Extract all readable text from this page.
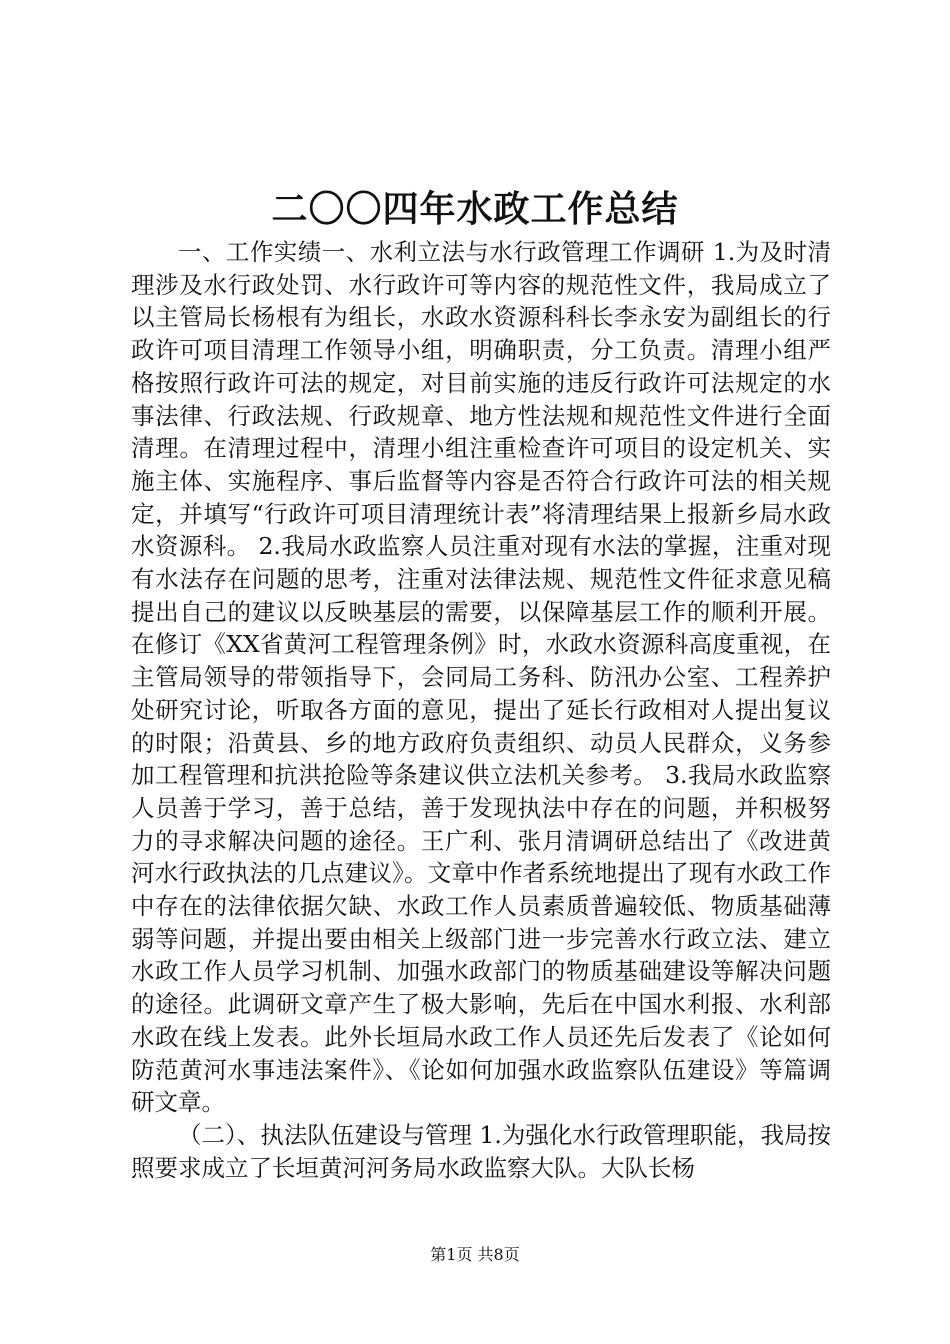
二〇〇四年水政工作总结

一、工作实绩一、水利立法与水行政管理工作调研 1.为及时清理涉及水行政处罚、水行政许可等内容的规范性文件，我局成立了以主管局长杨根有为组长，水政水资源科科长李永安为副组长的行政许可项目清理工作领导小组，明确职责，分工负责。清理小组严格按照行政许可法的规定，对目前实施的违反行政许可法规定的水事法律、行政法规、行政规章、地方性法规和规范性文件进行全面清理。在清理过程中，清理小组注重检查许可项目的设定机关、实施主体、实施程序、事后监督等内容是否符合行政许可法的相关规定，并填写“行政许可项目清理统计表”将清理结果上报新乡局水政水资源科。 2.我局水政监察人员注重对现有水法的掌握，注重对现有水法存在问题的思考，注重对法律法规、规范性文件征求意见稿提出自己的建议以反映基层的需要，以保障基层工作的顺利开展。在修订《XX省黄河工程管理条例》时，水政水资源科高度重视，在主管局领导的带领指导下，会同局工务科、防汛办公室、工程养护处研究讨论，听取各方面的意见，提出了延长行政相对人提出复议的时限；沿黄县、乡的地方政府负责组织、动员人民群众，义务参加工程管理和抗洪抢险等条建议供立法机关参考。 3.我局水政监察人员善于学习，善于总结，善于发现执法中存在的问题，并积极努力的寻求解决问题的途径。王广利、张月清调研总结出了《改进黄河水行政执法的几点建议》。文章中作者系统地提出了现有水政工作中存在的法律依据欠缺、水政工作人员素质普遍较低、物质基础薄弱等问题，并提出要由相关上级部门进一步完善水行政立法、建立水政工作人员学习机制、加强水政部门的物质基础建设等解决问题的途径。此调研文章产生了极大影响，先后在中国水利报、水利部水政在线上发表。此外长垣局水政工作人员还先后发表了《论如何防范黄河水事违法案件》、《论如何加强水政监察队伍建设》等篇调研文章。

（二）、执法队伍建设与管理 1.为强化水行政管理职能，我局按照要求成立了长垣黄河河务局水政监察大队。大队长杨

第1页 共8页
